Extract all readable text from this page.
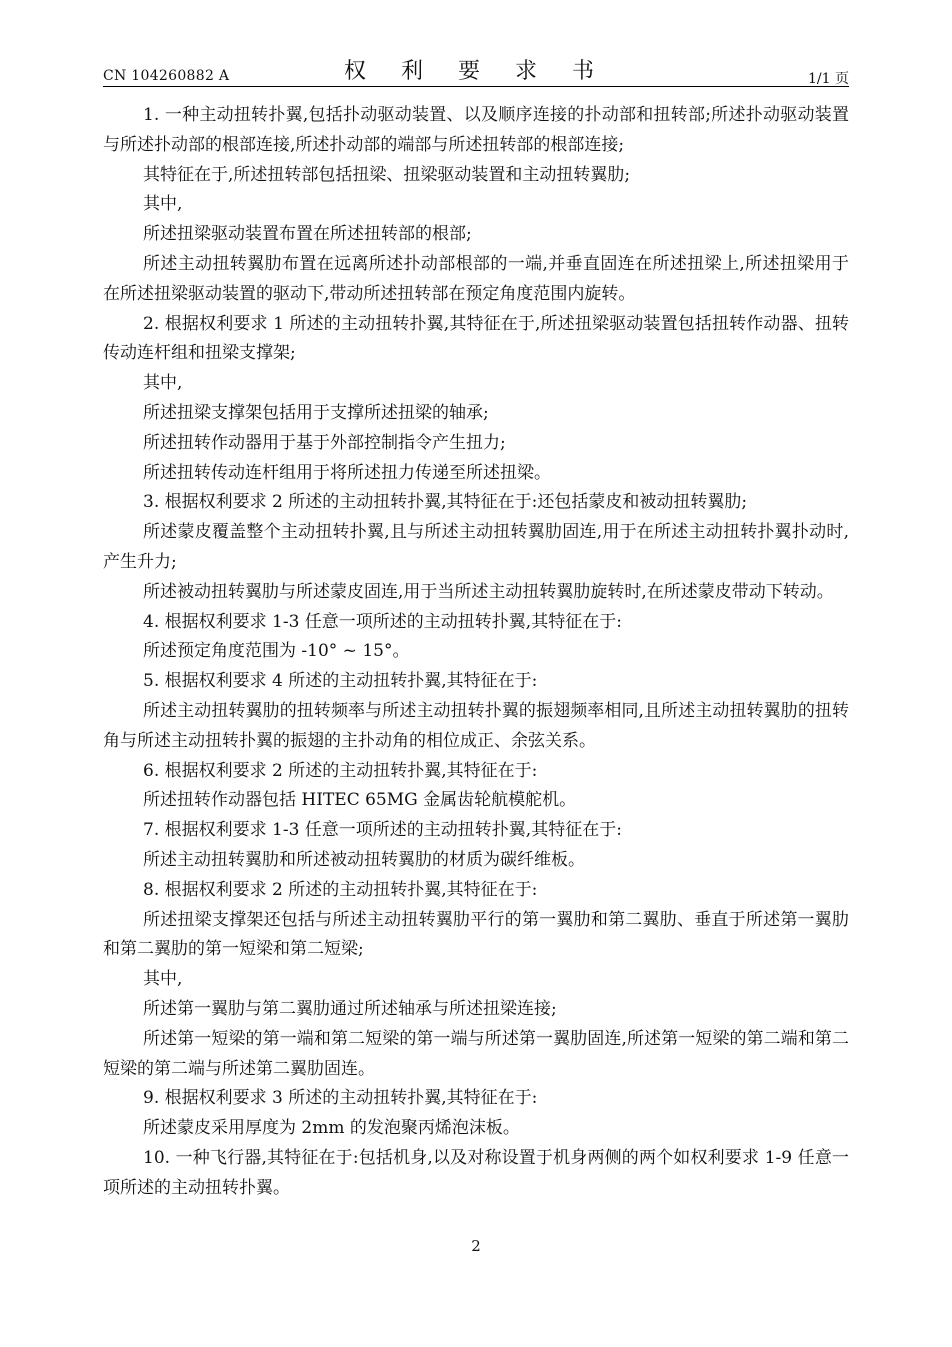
CN 104260882 A	权 利 要 求 书	1/1 页

1. 一种主动扭转扑翼,包括扑动驱动装置、以及顺序连接的扑动部和扭转部;所述扑动驱动装置与所述扑动部的根部连接,所述扑动部的端部与所述扭转部的根部连接;

其特征在于,所述扭转部包括扭梁、扭梁驱动装置和主动扭转翼肋;

其中,

所述扭梁驱动装置布置在所述扭转部的根部;

所述主动扭转翼肋布置在远离所述扑动部根部的一端,并垂直固连在所述扭梁上,所述扭梁用于在所述扭梁驱动装置的驱动下,带动所述扭转部在预定角度范围内旋转。

2. 根据权利要求 1 所述的主动扭转扑翼,其特征在于,所述扭梁驱动装置包括扭转作动器、扭转传动连杆组和扭梁支撑架;

其中,

所述扭梁支撑架包括用于支撑所述扭梁的轴承;

所述扭转作动器用于基于外部控制指令产生扭力;

所述扭转传动连杆组用于将所述扭力传递至所述扭梁。

3. 根据权利要求 2 所述的主动扭转扑翼,其特征在于:还包括蒙皮和被动扭转翼肋;

所述蒙皮覆盖整个主动扭转扑翼,且与所述主动扭转翼肋固连,用于在所述主动扭转扑翼扑动时,产生升力;

所述被动扭转翼肋与所述蒙皮固连,用于当所述主动扭转翼肋旋转时,在所述蒙皮带动下转动。

4. 根据权利要求 1-3 任意一项所述的主动扭转扑翼,其特征在于:

所述预定角度范围为 -10° ~ 15°。

5. 根据权利要求 4 所述的主动扭转扑翼,其特征在于:

所述主动扭转翼肋的扭转频率与所述主动扭转扑翼的振翅频率相同,且所述主动扭转翼肋的扭转角与所述主动扭转扑翼的振翅的主扑动角的相位成正、余弦关系。

6. 根据权利要求 2 所述的主动扭转扑翼,其特征在于:

所述扭转作动器包括 HITEC 65MG 金属齿轮航模舵机。

7. 根据权利要求 1-3 任意一项所述的主动扭转扑翼,其特征在于:

所述主动扭转翼肋和所述被动扭转翼肋的材质为碳纤维板。

8. 根据权利要求 2 所述的主动扭转扑翼,其特征在于:

所述扭梁支撑架还包括与所述主动扭转翼肋平行的第一翼肋和第二翼肋、垂直于所述第一翼肋和第二翼肋的第一短梁和第二短梁;

其中,

所述第一翼肋与第二翼肋通过所述轴承与所述扭梁连接;

所述第一短梁的第一端和第二短梁的第一端与所述第一翼肋固连,所述第一短梁的第二端和第二短梁的第二端与所述第二翼肋固连。

9. 根据权利要求 3 所述的主动扭转扑翼,其特征在于:

所述蒙皮采用厚度为 2mm 的发泡聚丙烯泡沫板。

10. 一种飞行器,其特征在于:包括机身,以及对称设置于机身两侧的两个如权利要求 1-9 任意一项所述的主动扭转扑翼。

2
